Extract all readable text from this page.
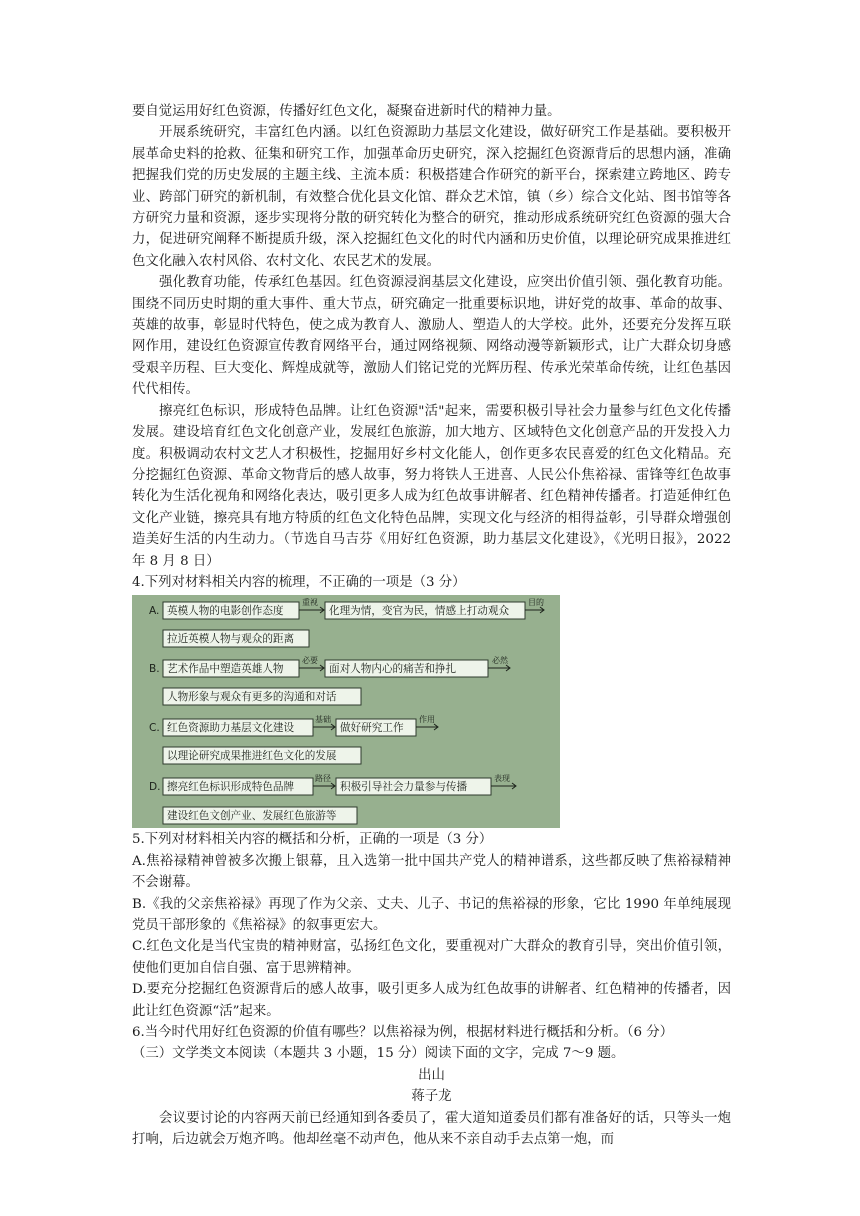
要自觉运用好红色资源，传播好红色文化，凝聚奋进新时代的精神力量。

开展系统研究，丰富红色内涵。以红色资源助力基层文化建设，做好研究工作是基础。要积极开展革命史料的抢救、征集和研究工作，加强革命历史研究，深入挖掘红色资源背后的思想内涵，准确把握我们党的历史发展的主题主线、主流本质：积极搭建合作研究的新平台，探索建立跨地区、跨专业、跨部门研究的新机制，有效整合优化县文化馆、群众艺术馆，镇（乡）综合文化站、图书馆等各方研究力量和资源，逐步实现将分散的研究转化为整合的研究，推动形成系统研究红色资源的强大合力，促进研究阐释不断提质升级，深入挖掘红色文化的时代内涵和历史价值，以理论研究成果推进红色文化融入农村风俗、农村文化、农民艺术的发展。

强化教育功能，传承红色基因。红色资源浸润基层文化建设，应突出价值引领、强化教育功能。围绕不同历史时期的重大事件、重大节点，研究确定一批重要标识地，讲好党的故事、革命的故事、英雄的故事，彰显时代特色，使之成为教育人、激励人、塑造人的大学校。此外，还要充分发挥互联网作用，建设红色资源宣传教育网络平台，通过网络视频、网络动漫等新颖形式，让广大群众切身感受艰辛历程、巨大变化、辉煌成就等，激励人们铭记党的光辉历程、传承光荣革命传统，让红色基因代代相传。

擦亮红色标识，形成特色品牌。让红色资源"活"起来，需要积极引导社会力量参与红色文化传播发展。建设培育红色文化创意产业，发展红色旅游，加大地方、区域特色文化创意产品的开发投入力度。积极调动农村文艺人才积极性，挖掘用好乡村文化能人，创作更多农民喜爱的红色文化精品。充分挖掘红色资源、革命文物背后的感人故事，努力将铁人王进喜、人民公仆焦裕禄、雷锋等红色故事转化为生活化视角和网络化表达，吸引更多人成为红色故事讲解者、红色精神传播者。打造延伸红色文化产业链，擦亮具有地方特质的红色文化特色品牌，实现文化与经济的相得益彰，引导群众增强创造美好生活的内生动力。（节选自马吉芬《用好红色资源，助力基层文化建设》，《光明日报》，2022 年 8 月 8 日）

4.下列对材料相关内容的梳理，不正确的一项是（3 分）

A. 英模人物的电影创作态度
重视
化理为情，变官为民，情感上打动观众
目的
拉近英模人物与观众的距离
B. 艺术作品中塑造英雄人物
必要
面对人物内心的痛苦和挣扎
必然
人物形象与观众有更多的沟通和对话
C. 红色资源助力基层文化建设
基础
做好研究工作
作用
以理论研究成果推进红色文化的发展
D. 擦亮红色标识形成特色品牌
路径
积极引导社会力量参与传播
表现
建设红色文创产业、发展红色旅游等

5.下列对材料相关内容的概括和分析，正确的一项是（3 分）

A.焦裕禄精神曾被多次搬上银幕，且入选第一批中国共产党人的精神谱系，这些都反映了焦裕禄精神不会谢幕。

B.《我的父亲焦裕禄》再现了作为父亲、丈夫、儿子、书记的焦裕禄的形象，它比 1990 年单纯展现党员干部形象的《焦裕禄》的叙事更宏大。

C.红色文化是当代宝贵的精神财富，弘扬红色文化，要重视对广大群众的教育引导，突出价值引领，使他们更加自信自强、富于思辨精神。

D.要充分挖掘红色资源背后的感人故事，吸引更多人成为红色故事的讲解者、红色精神的传播者，因此让红色资源“活”起来。

6.当今时代用好红色资源的价值有哪些？以焦裕禄为例，根据材料进行概括和分析。（6 分）

（三）文学类文本阅读（本题共 3 小题，15 分）阅读下面的文字，完成 7～9 题。

出山

蒋子龙

会议要讨论的内容两天前已经通知到各委员了，霍大道知道委员们都有准备好的话，只等头一炮打响，后边就会万炮齐鸣。他却丝毫不动声色，他从来不亲自动手去点第一炮，而
